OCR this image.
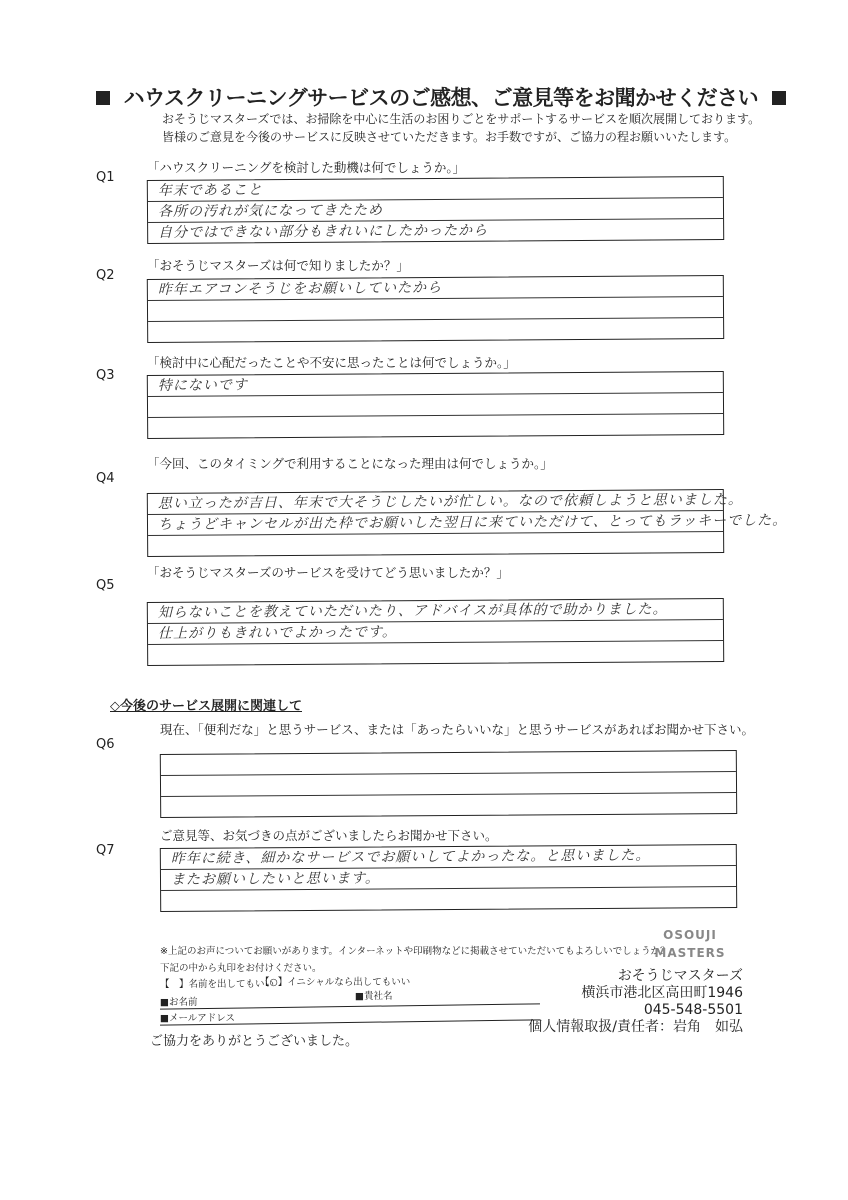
ハウスクリーニングサービスのご感想、ご意見等をお聞かせください
おそうじマスターズでは、お掃除を中心に生活のお困りごとをサポートするサービスを順次展開しております。
皆様のご意見を今後のサービスに反映させていただきます。お手数ですが、ご協力の程お願いいたします。
Q1
「ハウスクリーニングを検討した動機は何でしょうか。」
年末であること
各所の汚れが気になってきたため
自分ではできない部分もきれいにしたかったから
Q2
「おそうじマスターズは何で知りましたか？」
昨年エアコンそうじをお願いしていたから
Q3
「検討中に心配だったことや不安に思ったことは何でしょうか。」
特にないです
Q4
「今回、このタイミングで利用することになった理由は何でしょうか。」
思い立ったが吉日、年末で大そうじしたいが忙しい。なので依頼しようと思いました。
ちょうどキャンセルが出た枠でお願いした翌日に来ていただけて、とってもラッキーでした。
Q5
「おそうじマスターズのサービスを受けてどう思いましたか？」
知らないことを教えていただいたり、アドバイスが具体的で助かりました。
仕上がりもきれいでよかったです。
Q6
現在、「便利だな」と思うサービス、または「あったらいいな」と思うサービスがあればお聞かせ下さい。
Q7
ご意見等、お気づきの点がございましたらお聞かせ下さい。
昨年に続き、細かなサービスでお願いしてよかったな。と思いました。
またお願いしたいと思います。
◇今後のサービス展開に関連して
※上記のお声についてお願いがあります。インターネットや印刷物などに掲載させていただいてもよろしいでしょうか？
下記の中から丸印をお付けください。
【　】名前を出してもいい
【○】イニシャルなら出してもいい
■お名前
■貴社名
■メールアドレス
ご協力をありがとうございました。
OSOUJI
MASTERS
おそうじマスターズ
横浜市港北区高田町1946
045-548-5501
個人情報取扱/責任者：岩角　如弘
